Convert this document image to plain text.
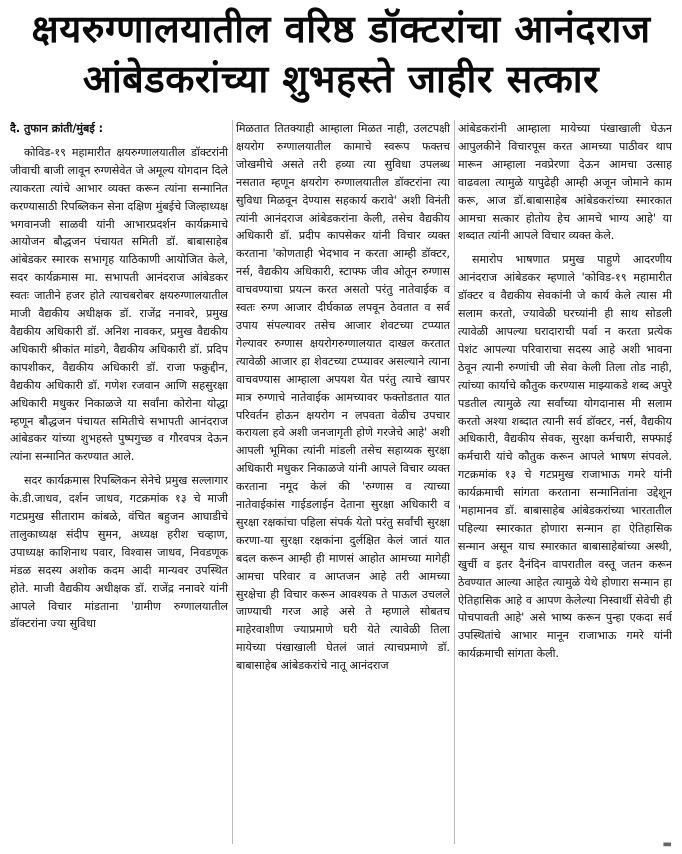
क्षयरुग्णालयातील वरिष्ठ डॉक्टरांचा आनंदराज
आंबेडकरांच्या शुभहस्ते जाहीर सत्कार

दै. तुफान क्रांती/मुंबई :

कोविड-१९ महामारीत क्षयरुग्णालयातील डॉक्टरांनी जीवाची बाजी लावून रुग्णसेवेत जे अमूल्य योगदान दिले त्याकरता त्यांचे आभार व्यक्त करून त्यांना सन्मानित करण्यासाठी रिपब्लिकन सेना दक्षिण मुंबईचे जिल्हाध्यक्ष भगवानजी साळवी यांनी आभारप्रदर्शन कार्यक्रमाचे आयोजन बौद्धजन पंचायत समिती डॉ. बाबासाहेब आंबेडकर स्मारक सभागृह याठिकाणी आयोजित केले, सदर कार्यक्रमास मा. सभापती आनंदराज आंबेडकर स्वतः जातीने हजर होते त्याचबरोबर क्षयरुग्णालयातील माजी वैद्यकीय अधीक्षक डॉ. राजेंद्र ननावरे, प्रमुख वैद्यकीय अधिकारी डॉ. अनिश नावकर, प्रमुख वैद्यकीय अधिकारी श्रीकांत मांडगे, वैद्यकीय अधिकारी डॉ. प्रदिप कापशीकर, वैद्यकीय अधिकारी डॉ. राजा फक्रुद्दीन, वैद्यकीय अधिकारी डॉ. गणेश रजवान आणि सहसुरक्षा अधिकारी मधुकर निकाळजे या सर्वांना कोरोना योद्धा म्हणून बौद्धजन पंचायत समितीचे सभापती आनंदराज आंबेडकर यांच्या शुभहस्ते पुष्पगुच्छ व गौरवपत्र देऊन त्यांना सन्मानित करण्यात आले.

सदर कार्यक्रमास रिपब्लिकन सेनेचे प्रमुख सल्लागार के.डी.जाधव, दर्शन जाधव, गटक्रमांक १३ चे माजी गटप्रमुख सीताराम कांबळे, वंचित बहुजन आघाडीचे तालुकाध्यक्ष संदीप सुमन, अध्यक्ष हरीश चव्हाण, उपाध्यक्ष काशिनाथ पवार, विश्वास जाधव, निवडणूक मंडळ सदस्य अशोक कदम आदी मान्यवर उपस्थित होते. माजी वैद्यकीय अधीक्षक डॉ. राजेंद्र ननावरे यांनी आपले विचार मांडताना 'ग्रामीण रुग्णालयातील डॉक्टरांना ज्या सुविधा

मिळतात तितक्याही आम्हाला मिळत नाही, उलटपक्षी क्षयरोग रुग्णालयातील कामाचे स्वरूप फक्तच जोखमीचे असते तरी हव्या त्या सुविधा उपलब्ध नसतात म्हणून क्षयरोग रुग्णालयातील डॉक्टरांना त्या सुविधा मिळवून देण्यास सहकार्य करावे' अशी विनंती त्यांनी आनंदराज आंबेडकरांना केली, तसेच वैद्यकीय अधिकारी डॉ. प्रदीप कापसेकर यांनी विचार व्यक्त करताना 'कोणताही भेदभाव न करता आम्ही डॉक्टर, नर्स, वैद्यकीय अधिकारी, स्टाफ्फ जीव ओतून रुग्णास वाचवण्याचा प्रयत्न करत असतो परंतु नातेवाईक व स्वतः रुग्ण आजार दीर्घकाळ लपवून ठेवतात व सर्व उपाय संपल्यावर तसेच आजार शेवटच्या टप्प्यात गेल्यावर रुग्णास क्षयरोगरुग्णालयात दाखल करतात त्यावेळी आजार हा शेवटच्या टप्प्यावर असल्याने त्याना वाचवण्यास आम्हाला अपयश येत परंतु त्याचे खापर मात्र रुग्णाचे नातेवाईक आमच्यावर फक्तोडतात यात परिवर्तन होऊन क्षयरोग न लपवता वेळीच उपचार करायला हवे अशी जनजागृती होणे गरजेचे आहे' अशी आपली भूमिका त्यांनी मांडली तसेच सहाय्यक सुरक्षा अधिकारी मधुकर निकाळजे यांनी आपले विचार व्यक्त करताना नमूद केलं की 'रुग्णास व त्याच्या नातेवाईकांस गाईडलाईन देताना सुरक्षा अधिकारी व सुरक्षा रक्षकांचा पहिला संपर्क येतो परंतु सर्वांची सुरक्षा करणा-या सुरक्षा रक्षकांना दुर्लक्षित केलं जातं यात बदल करून आम्ही ही माणसं आहोत आमच्या मागेही आमचा परिवार व आप्तजन आहे तरी आमच्या सुरक्षेचा ही विचार करून आवश्यक ते पाऊल उचलले जाण्याची गरज आहे असे ते म्हणाले सोबतच माहेरवाशीण ज्याप्रमाणे घरी येते त्यावेळी तिला मायेच्या पंखाखाली घेतलं जातं त्याचप्रमाणे डॉ. बाबासाहेब आंबेडकरांचे नातू आनंदराज

आंबेडकरांनी आम्हाला मायेच्या पंखाखाली घेऊन आपुलकीने विचारपूस करत आमच्या पाठीवर थाप मारून आम्हाला नवप्रेरणा देऊन आमचा उत्साह वाढवला त्यामुळे यापुढेही आम्ही अजून जोमाने काम करू, आज डॉ.बाबासाहेब आंबेडकरांच्या स्मारकात आमचा सत्कार होतोय हेच आमचे भाग्य आहे' या शब्दात त्यांनी आपले विचार व्यक्त केले.

समारोप भाषणात प्रमुख पाहुणे आदरणीय आनंदराज आंबेडकर म्हणाले 'कोविड-१९ महामारीत डॉक्टर व वैद्यकीय सेवकांनी जे कार्य केले त्यास मी सलाम करतो, ज्यावेळी घरच्यांनी ही साथ सोडली त्यावेळी आपल्या घरादाराची पर्वा न करता प्रत्येक पेशंट आपल्या परिवाराचा सदस्य आहे अशी भावना ठेवून त्यानी रुग्णांची जी सेवा केली तिला तोड नाही, त्यांच्या कार्याचे कौतुक करण्यास माझ्याकडे शब्द अपुरे पडतील त्यामुळे त्या सर्वांच्या योगदानास मी सलाम करतो अश्या शब्दात त्यानी सर्व डॉक्टर, नर्स, वैद्यकीय अधिकारी, वैद्यकीय सेवक, सुरक्षा कर्मचारी, सफ्फाई कर्मचारी यांचे कौतुक करून आपले भाषण संपवले. गटक्रमांक १३ चे गटप्रमुख राजाभाऊ गमरे यांनी कार्यक्रमाची सांगता करताना सन्मानितांना उद्देशून 'महामानव डॉ. बाबासाहेब आंबेडकरांच्या भारतातील पहिल्या स्मारकात होणारा सन्मान हा ऐतिहासिक सन्मान असून याच स्मारकात बाबासाहेबांच्या अस्थी, खुर्ची व इतर दैनंदिन वापरातील वस्तू जतन करून ठेवण्यात आल्या आहेत त्यामुळे येथे होणारा सन्मान हा ऐतिहासिक आहे व आपण केलेल्या निस्वार्थी सेवेची ही पोचपावती आहे' असे भाष्य करून पुन्हा एकदा सर्व उपस्थितांचे आभार मानून राजाभाऊ गमरे यांनी कार्यक्रमाची सांगता केली.

▬
